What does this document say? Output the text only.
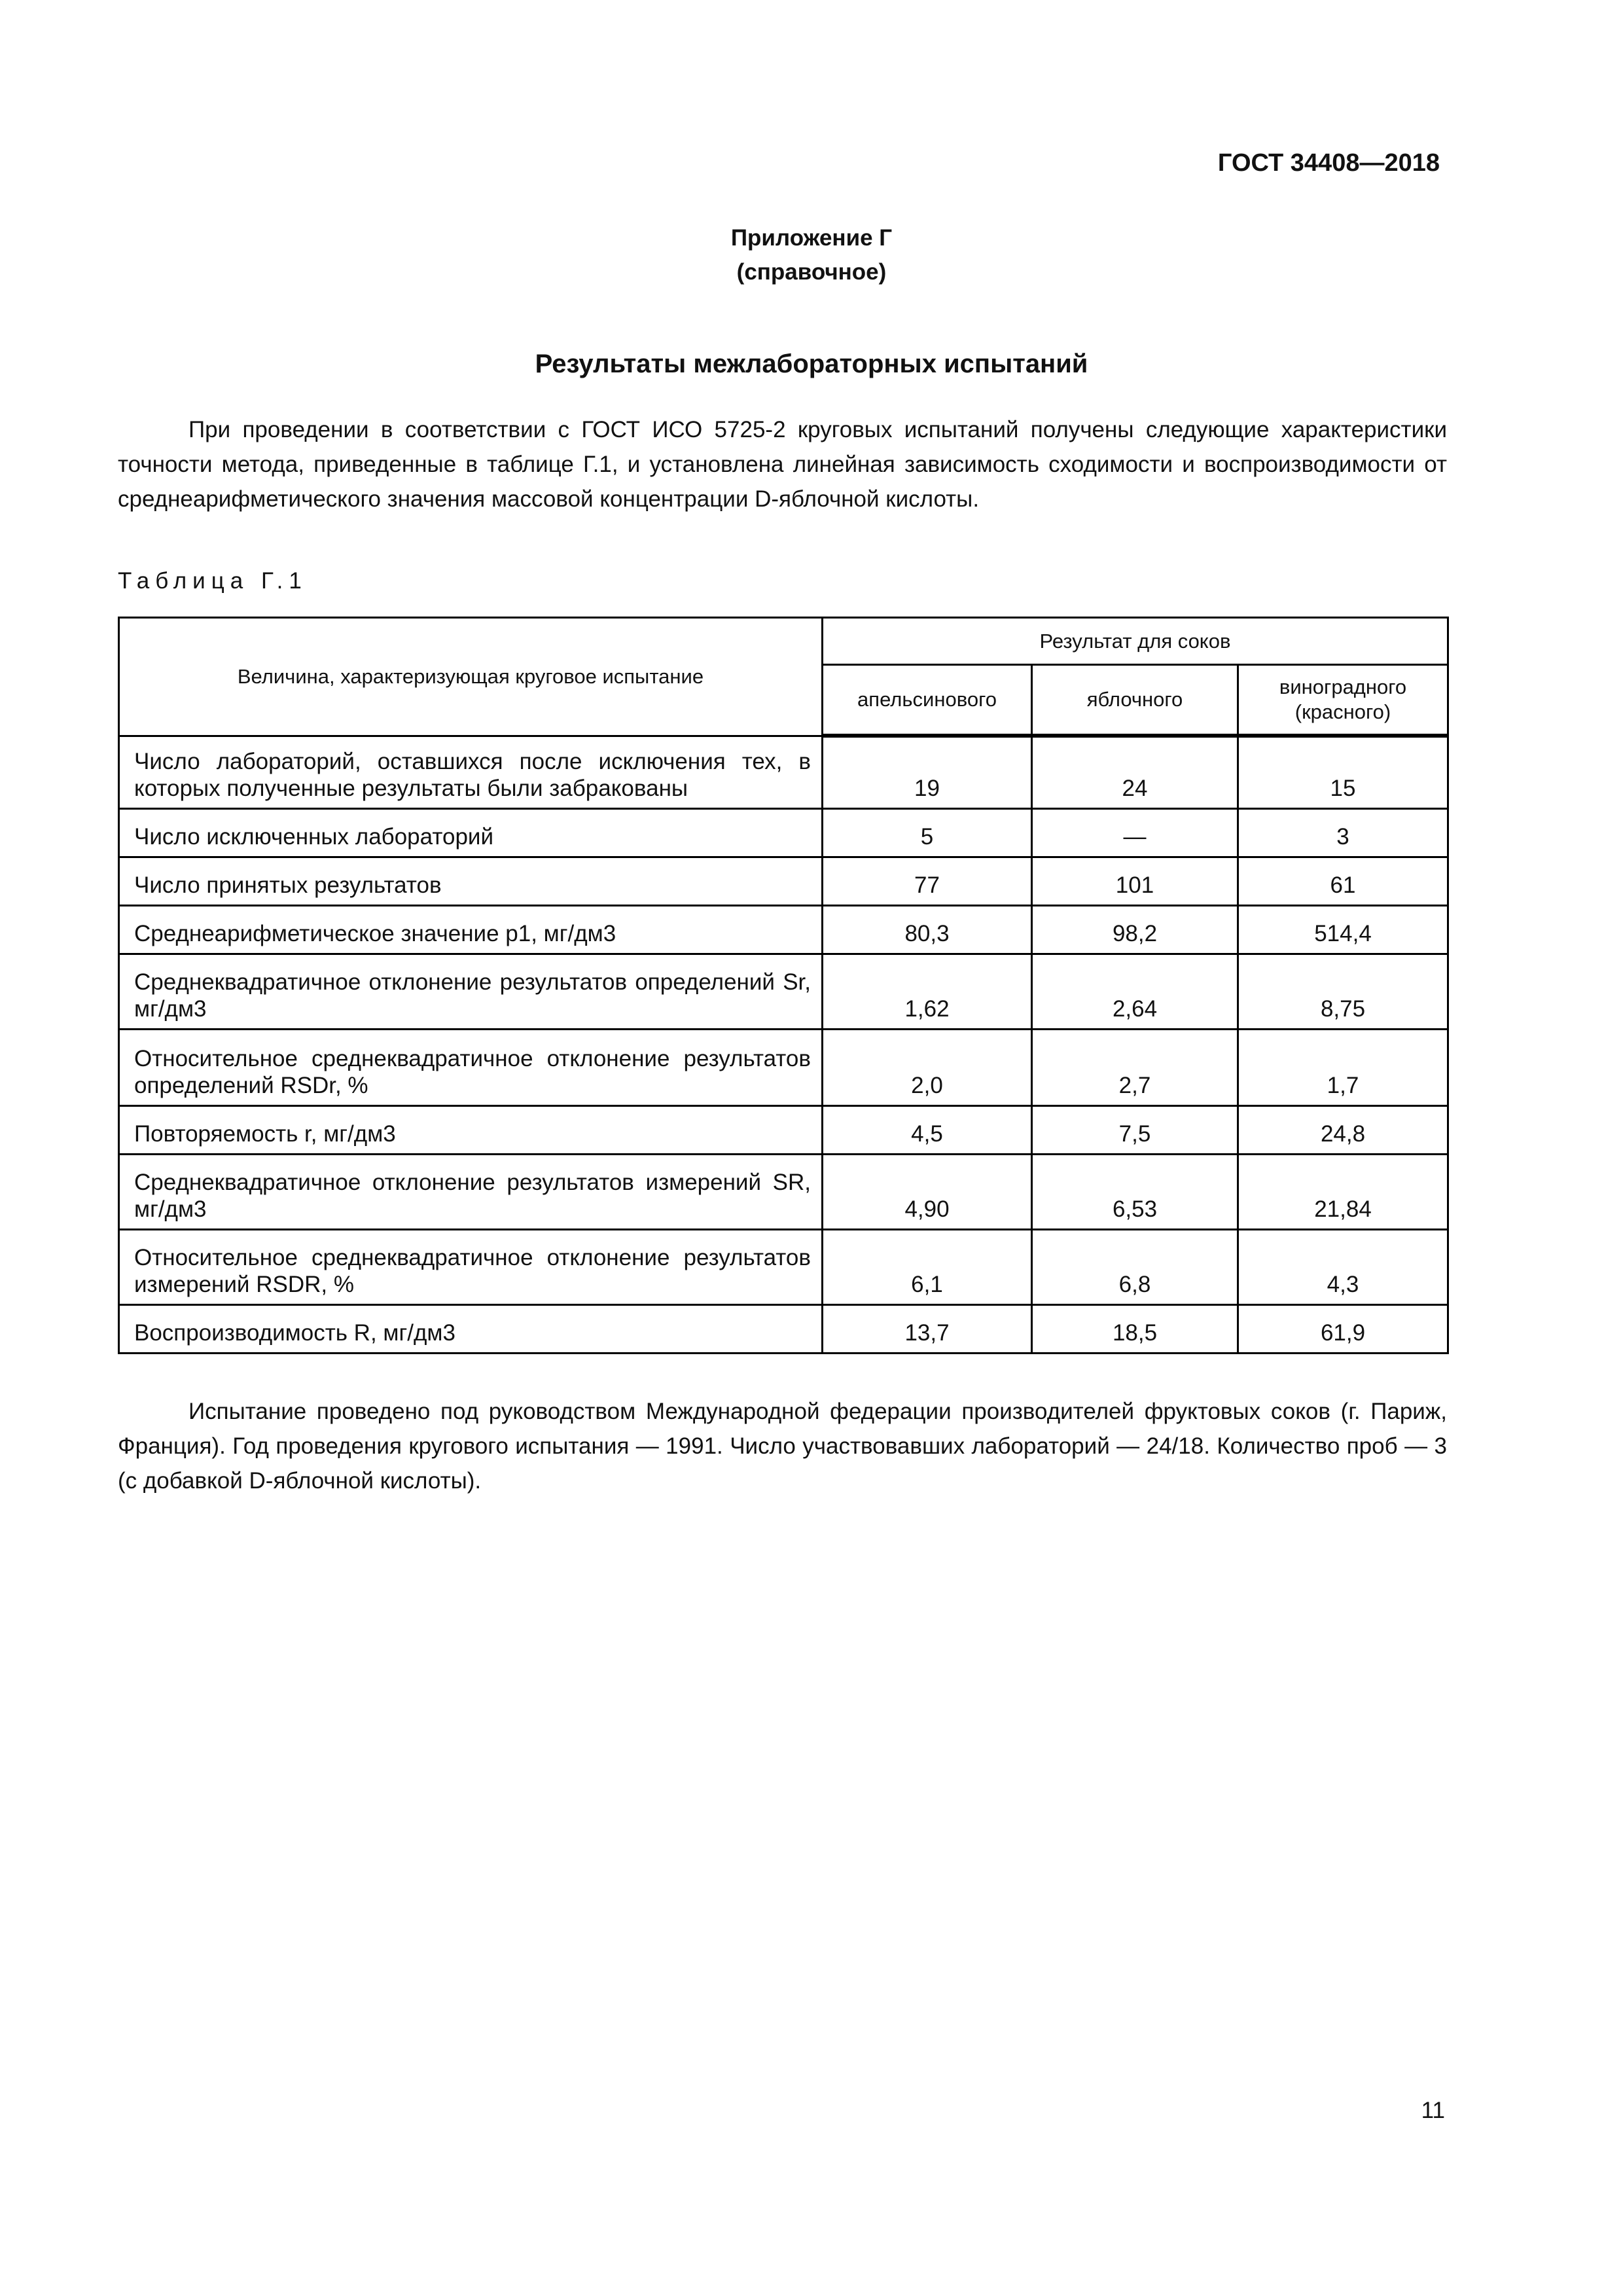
ГОСТ 34408—2018
Приложение Г
(справочное)
Результаты межлабораторных испытаний

При проведении в соответствии с ГОСТ ИСО 5725-2 круговых испытаний получены следующие характеристики точности метода, приведенные в таблице Г.1, и установлена линейная зависимость сходимости и воспроизводимости от среднеарифметического значения массовой концентрации D-яблочной кислоты.

Таблица Г.1
Величина, характеризующая круговое испытание	Результат для соков		
	апельсинового	яблочного	виноградного (красного)
Число лабораторий, оставшихся после исключения тех, в которых полученные результаты были забракованы	19	24	15
Число исключенных лабораторий	5	—	3
Число принятых результатов	77	101	61
Среднеарифметическое значение p1, мг/дм3	80,3	98,2	514,4
Среднеквадратичное отклонение результатов определений Sr, мг/дм3	1,62	2,64	8,75
Относительное среднеквадратичное отклонение результатов определений RSDr, %	2,0	2,7	1,7
Повторяемость r, мг/дм3	4,5	7,5	24,8
Среднеквадратичное отклонение результатов измерений SR, мг/дм3	4,90	6,53	21,84
Относительное среднеквадратичное отклонение результатов измерений RSDR, %	6,1	6,8	4,3
Воспроизводимость R, мг/дм3	13,7	18,5	61,9

Испытание проведено под руководством Международной федерации производителей фруктовых соков (г. Париж, Франция). Год проведения кругового испытания — 1991. Число участвовавших лабораторий — 24/18. Количество проб — 3 (с добавкой D-яблочной кислоты).

11
